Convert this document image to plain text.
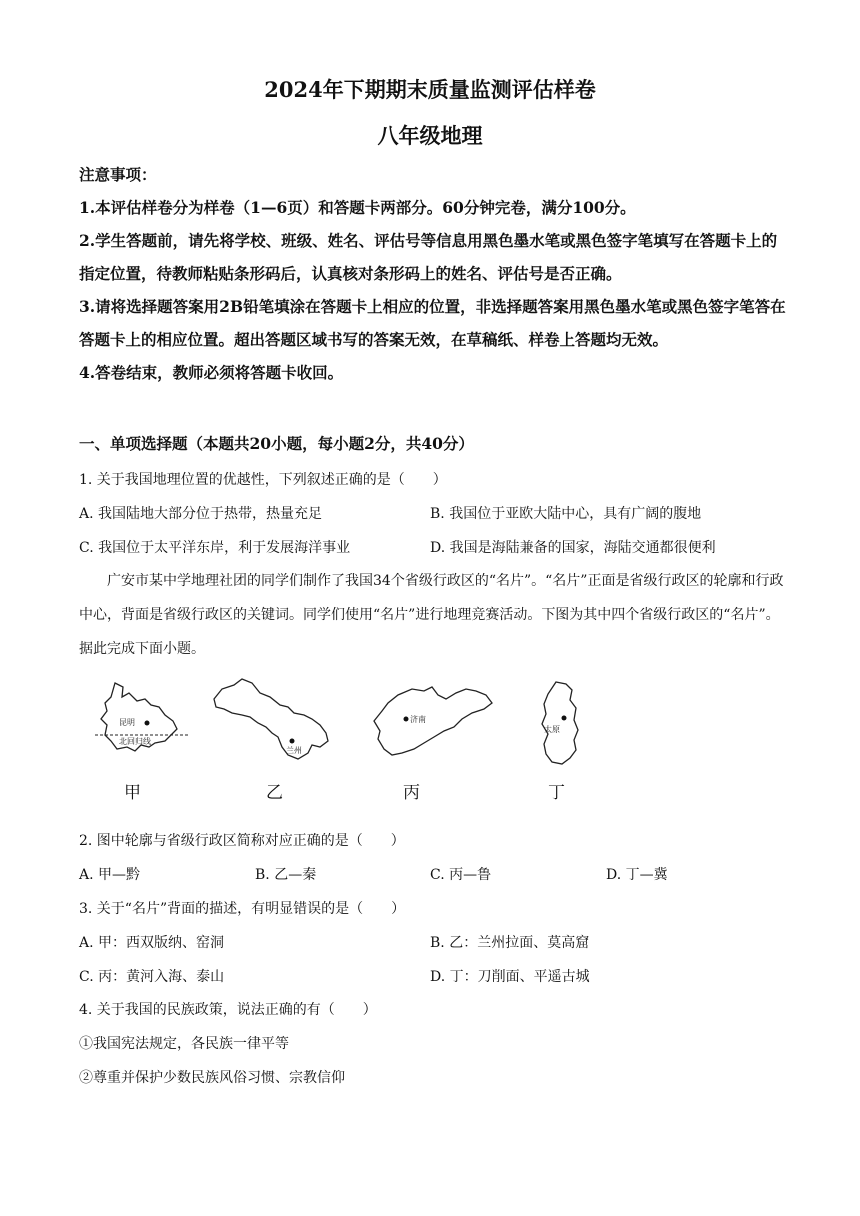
2024年下期期末质量监测评估样卷
八年级地理

注意事项：

1.本评估样卷分为样卷（1—6页）和答题卡两部分。60分钟完卷，满分100分。

2.学生答题前，请先将学校、班级、姓名、评估号等信息用黑色墨水笔或黑色签字笔填写在答题卡上的指定位置，待教师粘贴条形码后，认真核对条形码上的姓名、评估号是否正确。

3.请将选择题答案用2B铅笔填涂在答题卡上相应的位置，非选择题答案用黑色墨水笔或黑色签字笔答在答题卡上的相应位置。超出答题区域书写的答案无效，在草稿纸、样卷上答题均无效。

4.答卷结束，教师必须将答题卡收回。

一、单项选择题（本题共20小题，每小题2分，共40分）
1. 关于我国地理位置的优越性，下列叙述正确的是（　　）
A. 我国陆地大部分位于热带，热量充足	B. 我国位于亚欧大陆中心，具有广阔的腹地
C. 我国位于太平洋东岸，利于发展海洋事业	D. 我国是海陆兼备的国家，海陆交通都很便利
广安市某中学地理社团的同学们制作了我国34个省级行政区的“名片”。“名片”正面是省级行政区的轮廓和行政中心，背面是省级行政区的关键词。同学们使用“名片”进行地理竞赛活动。下图为其中四个省级行政区的“名片”。据此完成下面小题。
昆明
北回归线
甲
兰州
乙
济南
丙
太原
丁
2. 图中轮廓与省级行政区简称对应正确的是（　　）
A. 甲—黔	B. 乙—秦	C. 丙—鲁	D. 丁—冀
3. 关于“名片”背面的描述，有明显错误的是（　　）
A. 甲：西双版纳、窑洞	B. 乙：兰州拉面、莫高窟
C. 丙：黄河入海、泰山	D. 丁：刀削面、平遥古城
4. 关于我国的民族政策，说法正确的有（　　）
①我国宪法规定，各民族一律平等
②尊重并保护少数民族风俗习惯、宗教信仰
